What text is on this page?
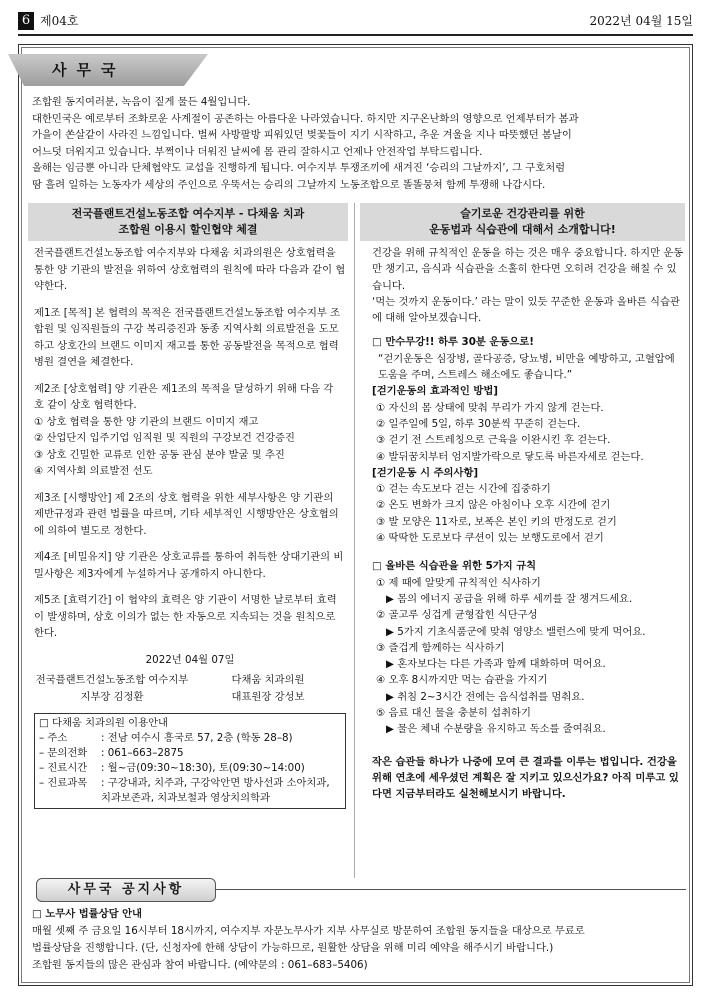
6 제04호	2022년 04월 15일
사무국
조합원 동지여러분, 녹음이 짙게 물든 4월입니다.
대한민국은 예로부터 조화로운 사계절이 공존하는 아름다운 나라였습니다. 하지만 지구온난화의 영향으로 언제부터가 봄과
가을이 쏜살같이 사라진 느낌입니다. 벌써 사방팔방 피워있던 벚꽃들이 지기 시작하고, 추운 겨울을 지나 따뜻했던 봄날이
어느덧 더워지고 있습니다. 부쩍이나 더워진 날씨에 몸 관리 잘하시고 언제나 안전작업 부탁드립니다.
올해는 임금뿐 아니라 단체협약도 교섭을 진행하게 됩니다. 여수지부 투쟁조끼에 새겨진 ‘승리의 그날까지’, 그 구호처럼
땀 흘려 일하는 노동자가 세상의 주인으로 우뚝서는 승리의 그날까지 노동조합으로 똘똘뭉쳐 함께 투쟁해 나갑시다.
전국플랜트건설노동조합 여수지부 - 다채움 치과
조합원 이용시 할인협약 체결
슬기로운 건강관리를 위한
운동법과 식습관에 대해서 소개합니다!

전국플랜트건설노동조합 여수지부와 다채움 치과의원은 상호협력을 통한 양 기관의 발전을 위하여 상호협력의 원칙에 따라 다음과 같이 협약한다.

제1조 [목적] 본 협력의 목적은 전국플랜트건설노동조합 여수지부 조합원 및 임직원들의 구강 복리증진과 동종 지역사회 의료발전을 도모하고 상호간의 브랜드 이미지 재고를 통한 공동발전을 목적으로 협력병원 결연을 체결한다.

제2조 [상호협력] 양 기관은 제1조의 목적을 달성하기 위해 다음 각 호 같이 상호 협력한다.
① 상호 협력을 통한 양 기관의 브랜드 이미지 재고
② 산업단지 입주기업 임직원 및 직원의 구강보건 건강증진
③ 상호 긴밀한 교류로 인한 공동 관심 분야 발굴 및 추진
④ 지역사회 의료발전 선도

제3조 [시행방안] 제 2조의 상호 협력을 위한 세부사항은 양 기관의 제반규정과 관련 법률을 따르며, 기타 세부적인 시행방안은 상호협의에 의하여 별도로 정한다.

제4조 [비밀유지] 양 기관은 상호교류를 통하여 취득한 상대기관의 비밀사항은 제3자에게 누설하거나 공개하지 아니한다.

제5조 [효력기간] 이 협약의 효력은 양 기관이 서명한 날로부터 효력이 발생하며, 상호 이의가 없는 한 자동으로 지속되는 것을 원칙으로 한다.

2022년 04월 07일
전국플랜트건설노동조합 여수지부
지부장 김정환
다채움 치과의원
대표원장 강성보
□ 다채움 치과의원 이용안내
– 주소	: 전남 여수시 흥국로 57, 2층 (학동 28–8)
– 문의전화	: 061–663–2875
– 진료시간	: 월~금(09:30~18:30), 토(09:30~14:00)
– 진료과목	: 구강내과, 치주과, 구강악안면 방사선과 소아치과, 치과보존과, 치과보철과 영상치의학과

건강을 위해 규칙적인 운동을 하는 것은 매우 중요합니다. 하지만 운동만 챙기고, 음식과 식습관을 소홀히 한다면 오히려 건강을 해칠 수 있습니다.
‘먹는 것까지 운동이다.’ 라는 말이 있듯 꾸준한 운동과 올바른 식습관에 대해 알아보겠습니다.

□ 만수무강!! 하루 30분 운동으로!
“걷기운동은 심장병, 골다공증, 당뇨병, 비만을 예방하고, 고혈압에 도움을 주며, 스트레스 해소에도 좋습니다.”
[걷기운동의 효과적인 방법]
① 자신의 몸 상태에 맞춰 무리가 가지 않게 걷는다.
② 일주일에 5일, 하루 30분씩 꾸준히 걷는다.
③ 걷기 전 스트레칭으로 근육을 이완시킨 후 걷는다.
④ 발뒤꿈치부터 엄지발가락으로 닿도록 바른자세로 걷는다.
[걷기운동 시 주의사항]
① 걷는 속도보다 걷는 시간에 집중하기
② 온도 변화가 크지 않은 아침이나 오후 시간에 걷기
③ 발 모양은 11자로, 보폭은 본인 키의 반정도로 걷기
④ 딱딱한 도로보다 쿠션이 있는 보행도로에서 걷기
□ 올바른 식습관을 위한 5가지 규칙
① 제 때에 알맞게 규칙적인 식사하기
▶ 몸의 에너지 공급을 위해 하루 세끼를 잘 챙겨드세요.
② 골고루 싱겁게 균형잡힌 식단구성
▶ 5가지 기초식품군에 맞춰 영양소 밸런스에 맞게 먹어요.
③ 즐겁게 함께하는 식사하기
▶ 혼자보다는 다른 가족과 함께 대화하며 먹어요.
④ 오후 8시까지만 먹는 습관을 가지기
▶ 취침 2~3시간 전에는 음식섭취를 멈춰요.
⑤ 음료 대신 물을 충분히 섭취하기
▶ 물은 체내 수분량을 유지하고 독소를 줄여줘요.
작은 습관들 하나가 나중에 모여 큰 결과를 이루는 법입니다. 건강을 위해 연초에 세우셨던 계획은 잘 지키고 있으신가요? 아직 미루고 있다면 지금부터라도 실천해보시기 바랍니다.
사무국 공지사항
□ 노무사 법률상담 안내
매월 셋째 주 금요일 16시부터 18시까지, 여수지부 자문노무사가 지부 사무실로 방문하여 조합원 동지들을 대상으로 무료로
법률상담을 진행합니다. (단, 신청자에 한해 상담이 가능하므로, 원활한 상담을 위해 미리 예약을 해주시기 바랍니다.)
조합원 동지들의 많은 관심과 참여 바랍니다. (예약문의 : 061–683–5406)
